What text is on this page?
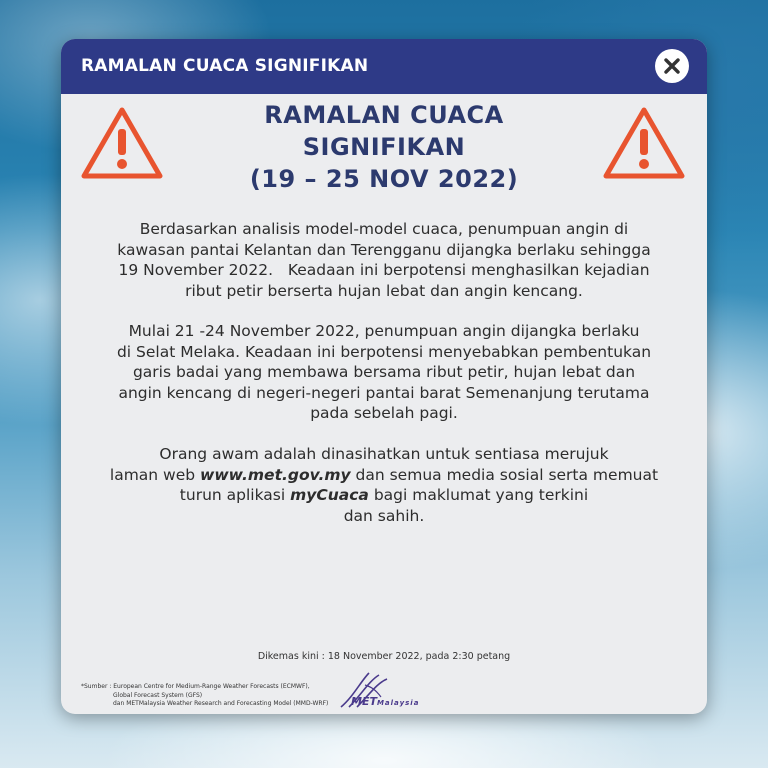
RAMALAN CUACA SIGNIFIKAN
RAMALAN CUACA
SIGNIFIKAN
(19 – 25 NOV 2022)

Berdasarkan analisis model-model cuaca, penumpuan angin di
kawasan pantai Kelantan dan Terengganu dijangka berlaku sehingga
19 November 2022.   Keadaan ini berpotensi menghasilkan kejadian
ribut petir berserta hujan lebat dan angin kencang.

Mulai 21 -24 November 2022, penumpuan angin dijangka berlaku
di Selat Melaka. Keadaan ini berpotensi menyebabkan pembentukan
garis badai yang membawa bersama ribut petir, hujan lebat dan
angin kencang di negeri-negeri pantai barat Semenanjung terutama
pada sebelah pagi.

Orang awam adalah dinasihatkan untuk sentiasa merujuk
laman web www.met.gov.my dan semua media sosial serta memuat
turun aplikasi myCuaca bagi maklumat yang terkini
dan sahih.

Dikemas kini : 18 November 2022, pada 2:30 petang
*Sumber : European Centre for Medium-Range Weather Forecasts (ECMWF),
Global Forecast System (GFS)
dan METMalaysia Weather Research and Forecasting Model (MMD-WRF) METMalaysia
